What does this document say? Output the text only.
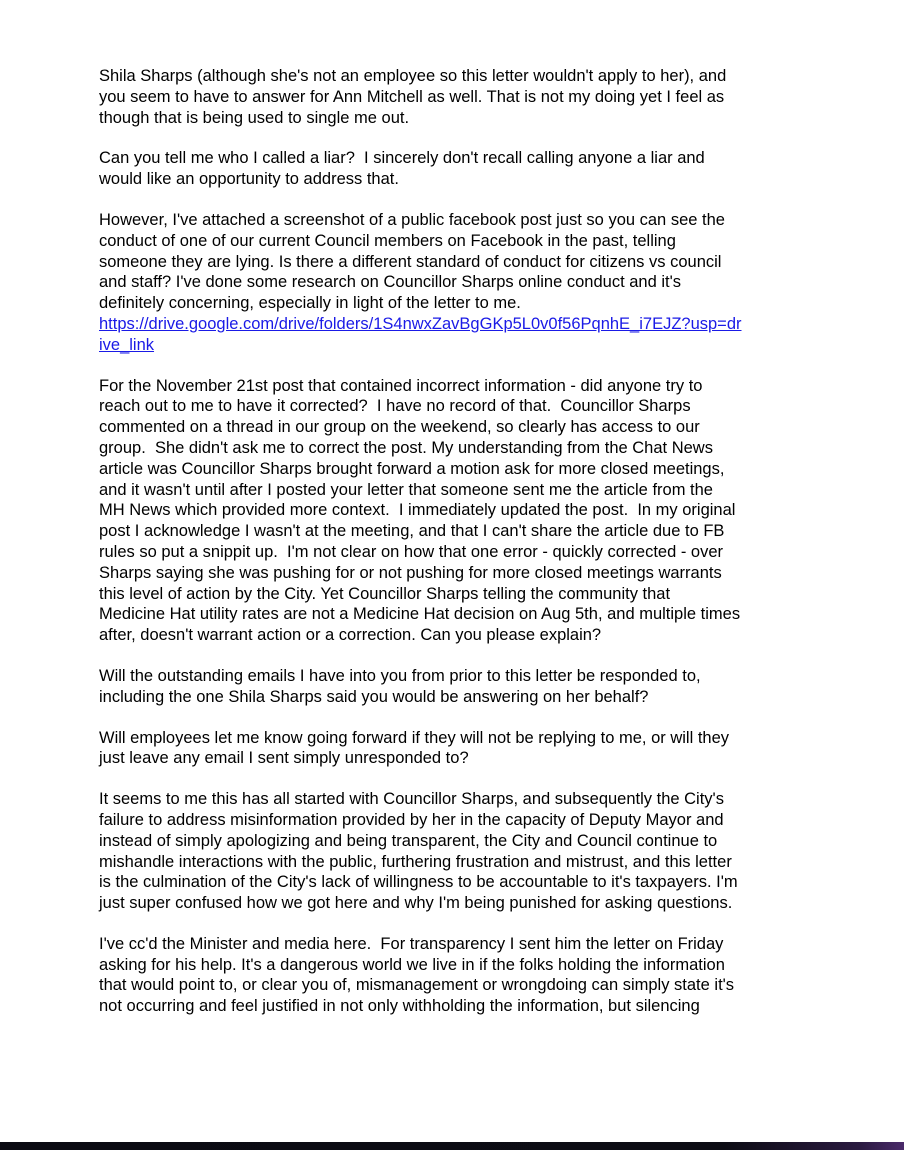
Shila Sharps (although she's not an employee so this letter wouldn't apply to her), and
you seem to have to answer for Ann Mitchell as well. That is not my doing yet I feel as
though that is being used to single me out.

Can you tell me who I called a liar?  I sincerely don't recall calling anyone a liar and
would like an opportunity to address that.

However, I've attached a screenshot of a public facebook post just so you can see the
conduct of one of our current Council members on Facebook in the past, telling
someone they are lying. Is there a different standard of conduct for citizens vs council
and staff? I've done some research on Councillor Sharps online conduct and it's
definitely concerning, especially in light of the letter to me.
https://drive.google.com/drive/folders/1S4nwxZavBgGKp5L0v0f56PqnhE_i7EJZ?usp=dr
ive_link

For the November 21st post that contained incorrect information - did anyone try to
reach out to me to have it corrected?  I have no record of that.  Councillor Sharps
commented on a thread in our group on the weekend, so clearly has access to our
group.  She didn't ask me to correct the post. My understanding from the Chat News
article was Councillor Sharps brought forward a motion ask for more closed meetings,
and it wasn't until after I posted your letter that someone sent me the article from the
MH News which provided more context.  I immediately updated the post.  In my original
post I acknowledge I wasn't at the meeting, and that I can't share the article due to FB
rules so put a snippit up.  I'm not clear on how that one error - quickly corrected - over
Sharps saying she was pushing for or not pushing for more closed meetings warrants
this level of action by the City. Yet Councillor Sharps telling the community that
Medicine Hat utility rates are not a Medicine Hat decision on Aug 5th, and multiple times
after, doesn't warrant action or a correction. Can you please explain?

Will the outstanding emails I have into you from prior to this letter be responded to,
including the one Shila Sharps said you would be answering on her behalf?

Will employees let me know going forward if they will not be replying to me, or will they
just leave any email I sent simply unresponded to?

It seems to me this has all started with Councillor Sharps, and subsequently the City's
failure to address misinformation provided by her in the capacity of Deputy Mayor and
instead of simply apologizing and being transparent, the City and Council continue to
mishandle interactions with the public, furthering frustration and mistrust, and this letter
is the culmination of the City's lack of willingness to be accountable to it's taxpayers. I'm
just super confused how we got here and why I'm being punished for asking questions.

I've cc'd the Minister and media here.  For transparency I sent him the letter on Friday
asking for his help. It's a dangerous world we live in if the folks holding the information
that would point to, or clear you of, mismanagement or wrongdoing can simply state it's
not occurring and feel justified in not only withholding the information, but silencing
